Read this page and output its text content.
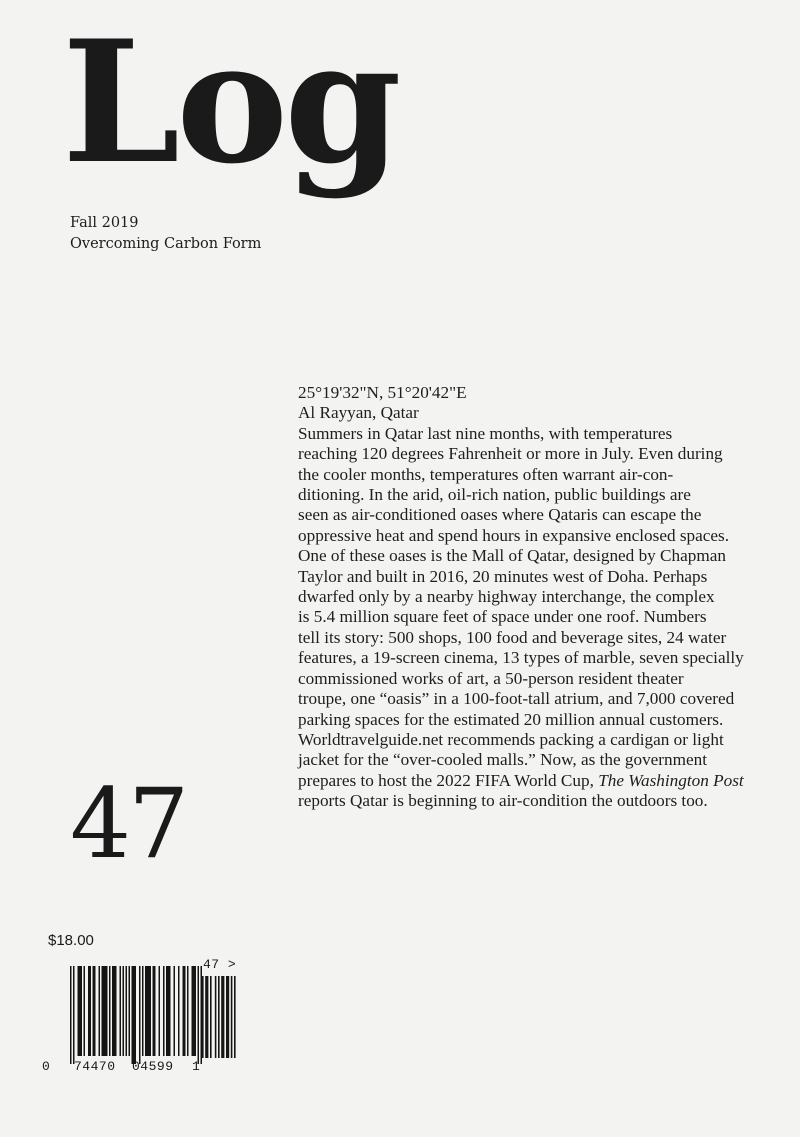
Log
Fall 2019
Overcoming Carbon Form
25°19'32"N, 51°20'42"E
Al Rayyan, Qatar
Summers in Qatar last nine months, with temperatures
reaching 120 degrees Fahrenheit or more in July. Even during
the cooler months, temperatures often warrant air-con-
ditioning. In the arid, oil-rich nation, public buildings are
seen as air-conditioned oases where Qataris can escape the
oppressive heat and spend hours in expansive enclosed spaces.
One of these oases is the Mall of Qatar, designed by Chapman
Taylor and built in 2016, 20 minutes west of Doha. Perhaps
dwarfed only by a nearby highway interchange, the complex
is 5.4 million square feet of space under one roof. Numbers
tell its story: 500 shops, 100 food and beverage sites, 24 water
features, a 19-screen cinema, 13 types of marble, seven specially
commissioned works of art, a 50-person resident theater
troupe, one “oasis” in a 100-foot-tall atrium, and 7,000 covered
parking spaces for the estimated 20 million annual customers.
Worldtravelguide.net recommends packing a cardigan or light
jacket for the “over-cooled malls.” Now, as the government
prepares to host the 2022 FIFA World Cup, The Washington Post
reports Qatar is beginning to air-condition the outdoors too.
47
$18.00
0 74470 04599 1
47 >
